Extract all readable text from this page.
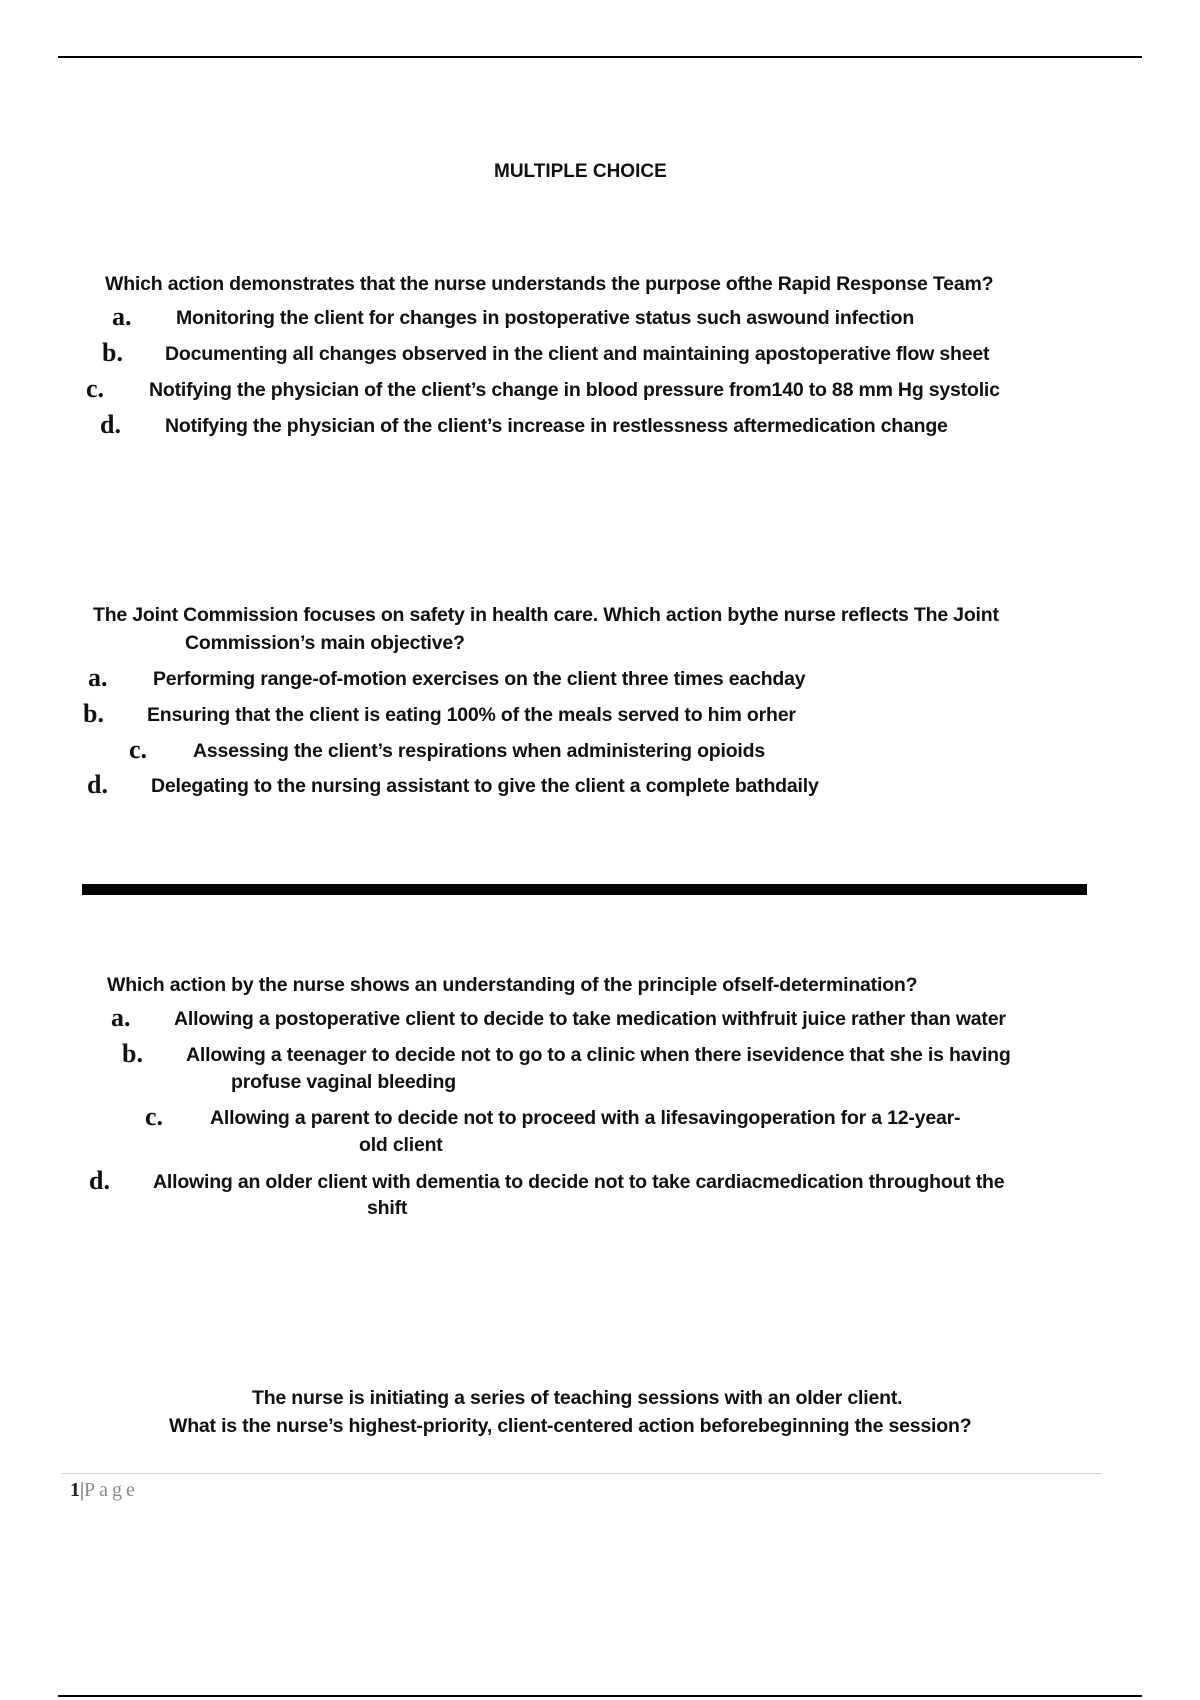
MULTIPLE CHOICE
Which action demonstrates that the nurse understands the purpose ofthe Rapid Response Team?
a. Monitoring the client for changes in postoperative status such aswound infection
b. Documenting all changes observed in the client and maintaining apostoperative flow sheet
c. Notifying the physician of the client’s change in blood pressure from140 to 88 mm Hg systolic
d. Notifying the physician of the client’s increase in restlessness aftermedication change
The Joint Commission focuses on safety in health care. Which action bythe nurse reflects The Joint
Commission’s main objective?
a. Performing range-of-motion exercises on the client three times eachday
b. Ensuring that the client is eating 100% of the meals served to him orher
c. Assessing the client’s respirations when administering opioids
d. Delegating to the nursing assistant to give the client a complete bathdaily
Which action by the nurse shows an understanding of the principle ofself-determination?
a. Allowing a postoperative client to decide to take medication withfruit juice rather than water
b. Allowing a teenager to decide not to go to a clinic when there isevidence that she is having
profuse vaginal bleeding
c. Allowing a parent to decide not to proceed with a lifesavingoperation for a 12-year-
old client
d. Allowing an older client with dementia to decide not to take cardiacmedication throughout the
shift
The nurse is initiating a series of teaching sessions with an older client.
What is the nurse’s highest-priority, client-centered action beforebeginning the session?
1|Page
